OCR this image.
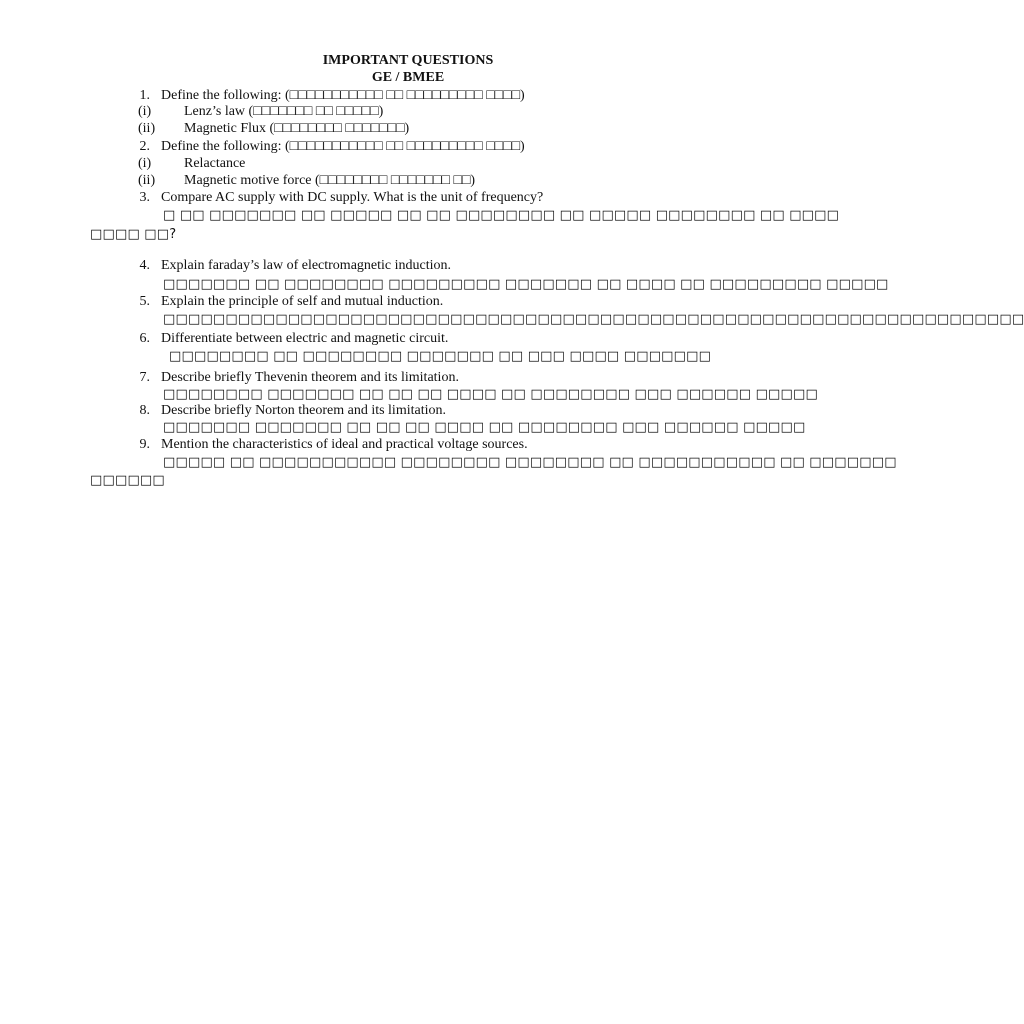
IMPORTANT QUESTIONS
GE / BMEE
1. Define the following: (□□□□□□□□□□□ □□ □□□□□□□□□ □□□□)
(i) Lenz’s law (□□□□□□□ □□ □□□□□)
(ii) Magnetic Flux (□□□□□□□□ □□□□□□□)
2. Define the following: (□□□□□□□□□□□ □□ □□□□□□□□□ □□□□)
(i) Relactance
(ii) Magnetic motive force (□□□□□□□□ □□□□□□□ □□)
3. Compare AC supply with DC supply. What is the unit of frequency?
□ □□ □□□□□□□ □□ □□□□□ □□ □□ □□□□□□□□ □□ □□□□□ □□□□□□□□ □□ □□□□
□□□□ □□?
4. Explain faraday’s law of electromagnetic induction.
□□□□□□□ □□ □□□□□□□□ □□□□□□□□□ □□□□□□□ □□ □□□□ □□ □□□□□□□□□ □□□□□
5. Explain the principle of self and mutual induction.
□□□□□□□□□□□□□□□□□□□□□□□□□□□□□□□□□□□□□□□□□□□□□□□□□□□□□□□□□□□□□□□□□□□□□
6. Differentiate between electric and magnetic circuit.
□□□□□□□□ □□ □□□□□□□□ □□□□□□□ □□ □□□ □□□□ □□□□□□□
7. Describe briefly Thevenin theorem and its limitation.
□□□□□□□□ □□□□□□□ □□ □□ □□ □□□□ □□ □□□□□□□□ □□□ □□□□□□ □□□□□
8. Describe briefly Norton theorem and its limitation.
□□□□□□□ □□□□□□□ □□ □□ □□ □□□□ □□ □□□□□□□□ □□□ □□□□□□ □□□□□
9. Mention the characteristics of ideal and practical voltage sources.
□□□□□ □□ □□□□□□□□□□□ □□□□□□□□ □□□□□□□□ □□ □□□□□□□□□□□ □□ □□□□□□□
□□□□□□
